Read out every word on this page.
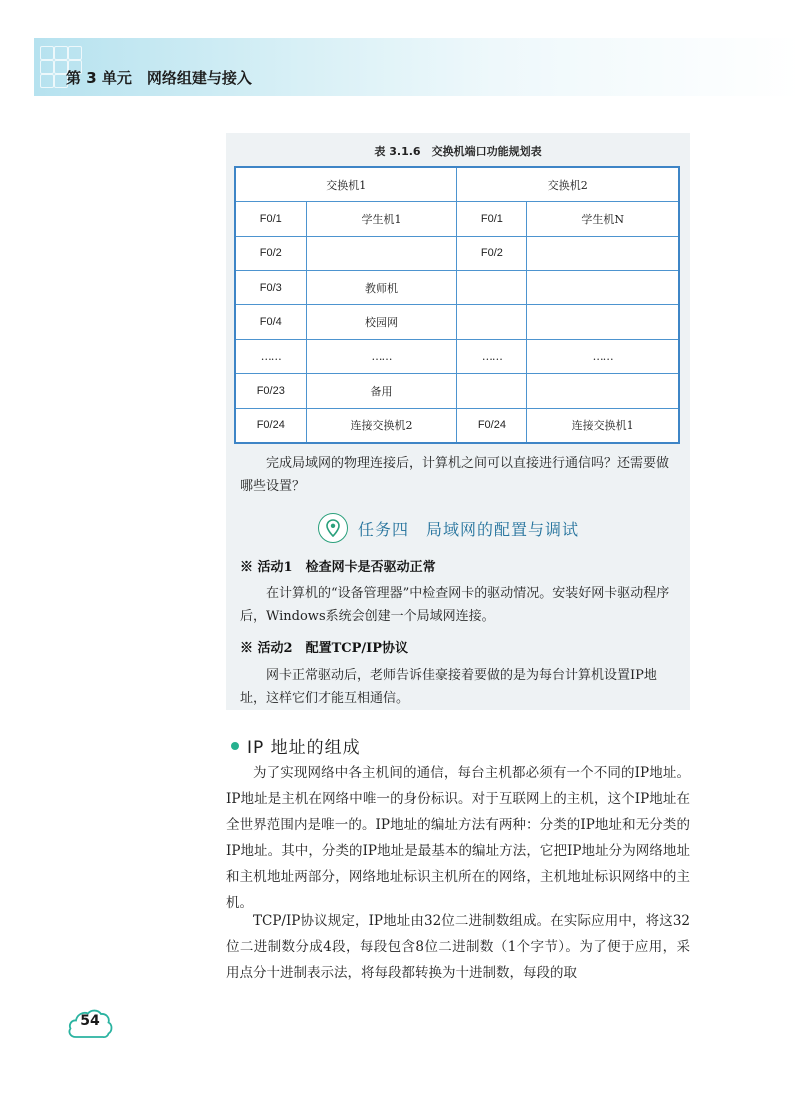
第 3 单元　网络组建与接入
表 3.1.6　交换机端口功能规划表
交换机1		交换机2	
F0/1	学生机1	F0/1	学生机N
F0/2		F0/2	
F0/3	教师机		
F0/4	校园网		
……	……	……	……
F0/23	备用		
F0/24	连接交换机2	F0/24	连接交换机1
完成局域网的物理连接后，计算机之间可以直接进行通信吗？还需要做哪些设置？
任务四　局域网的配置与调试
※ 活动1　检查网卡是否驱动正常
在计算机的“设备管理器”中检查网卡的驱动情况。安装好网卡驱动程序后，Windows系统会创建一个局域网连接。
※ 活动2　配置TCP/IP协议
网卡正常驱动后，老师告诉佳豪接着要做的是为每台计算机设置IP地址，这样它们才能互相通信。
IP 地址的组成
为了实现网络中各主机间的通信，每台主机都必须有一个不同的IP地址。IP地址是主机在网络中唯一的身份标识。对于互联网上的主机，这个IP地址在全世界范围内是唯一的。IP地址的编址方法有两种：分类的IP地址和无分类的IP地址。其中，分类的IP地址是最基本的编址方法，它把IP地址分为网络地址和主机地址两部分，网络地址标识主机所在的网络，主机地址标识网络中的主机。
TCP/IP协议规定，IP地址由32位二进制数组成。在实际应用中，将这32位二进制数分成4段，每段包含8位二进制数（1个字节）。为了便于应用，采用点分十进制表示法，将每段都转换为十进制数，每段的取
54
